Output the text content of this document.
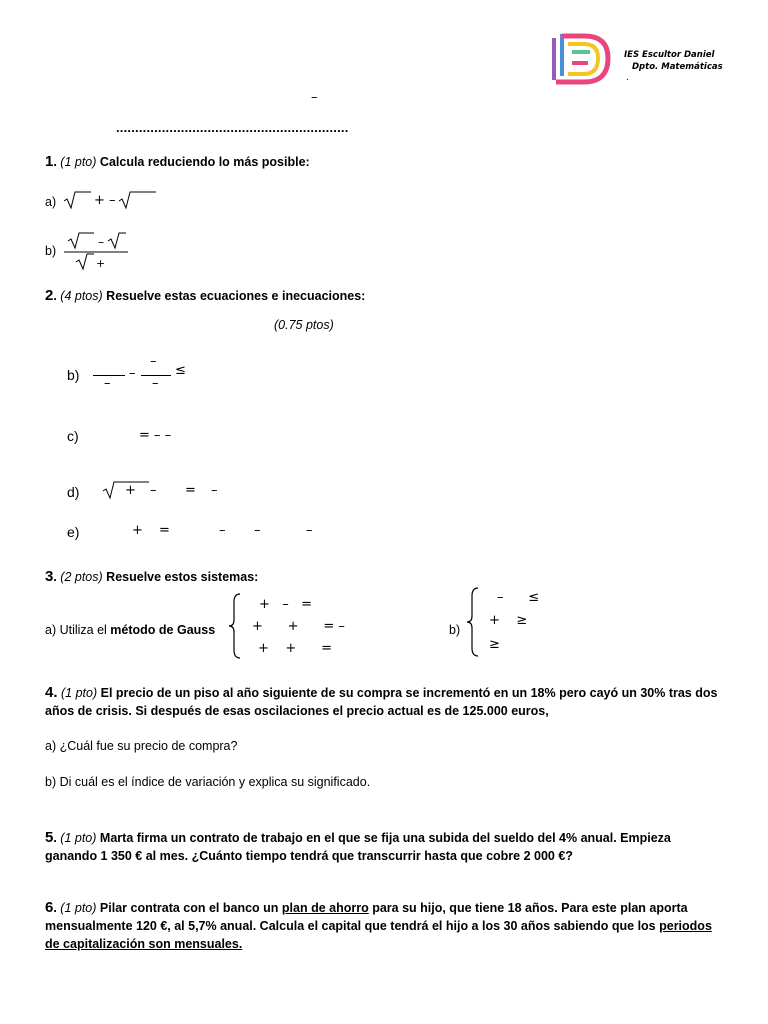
IES Escultor Daniel
Dpto. Matemáticas
.
–
.............................................................
1. (1 pto) Calcula reduciendo lo más posible:
a)	+ –
b)
–
+
2. (4 ptos) Resuelve estas ecuaciones e inecuaciones:
(0.75 ptos)
b)
–
–
–
–
≤
c)	= – –
d)	+ – = –
e)	+ =	– –	–
3. (2 ptos) Resuelve estos sistemas:
a) Utiliza el método de Gauss
+   –   =
+      +      = –
+    +      =
b)
–      ≤
+    ≥
≥
4. (1 pto) El precio de un piso al año siguiente de su compra se incrementó en un 18% pero cayó un 30% tras dos años de crisis. Si después de esas oscilaciones el precio actual es de 125.000 euros,
a) ¿Cuál fue su precio de compra?
b) Di cuál es el índice de variación y explica su significado.
5. (1 pto) Marta firma un contrato de trabajo en el que se fija una subida del sueldo del 4% anual. Empieza ganando 1 350 € al mes. ¿Cuánto tiempo tendrá que transcurrir hasta que cobre 2 000 €?
6. (1 pto) Pilar contrata con el banco un plan de ahorro para su hijo, que tiene 18 años. Para este plan aporta mensualmente 120 €, al 5,7% anual. Calcula el capital que tendrá el hijo a los 30 años sabiendo que los periodos de capitalización son mensuales.
